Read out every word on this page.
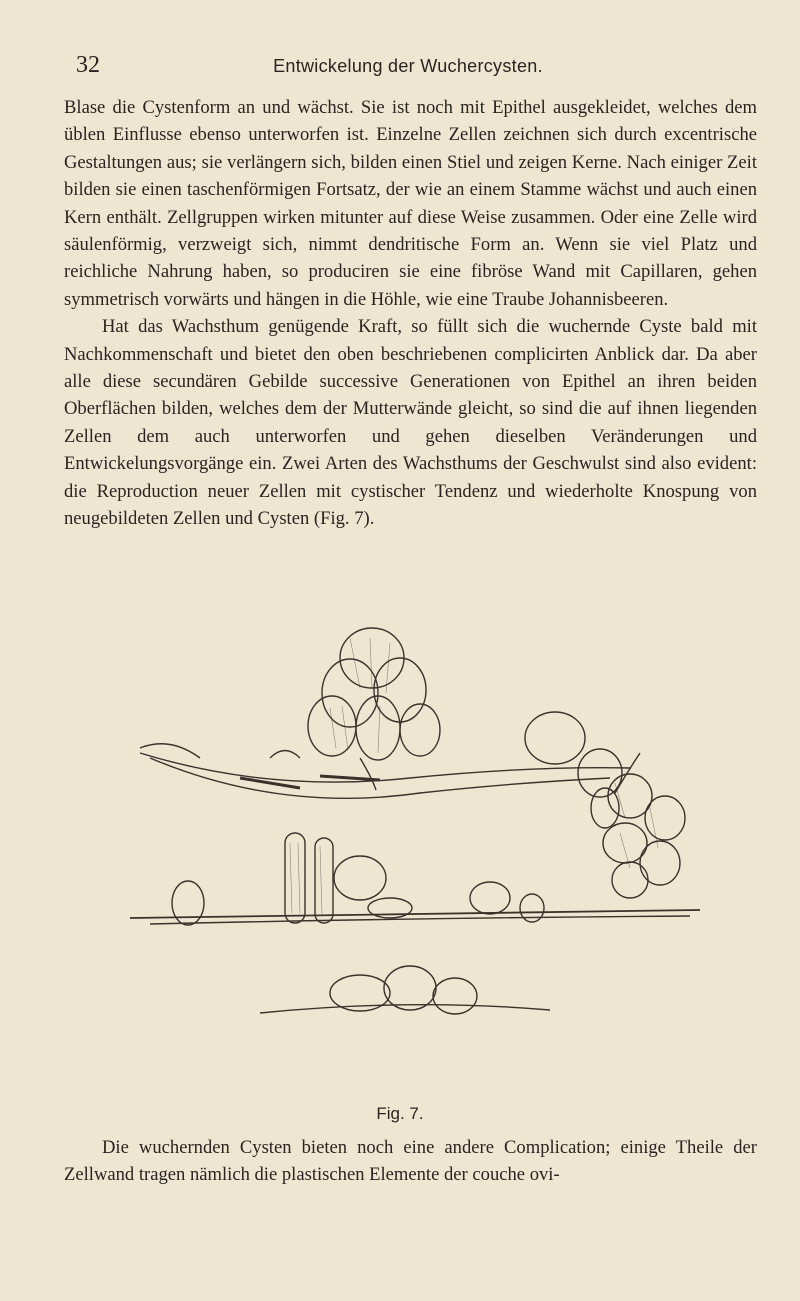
32	Entwickelung der Wuchercysten.

Blase die Cystenform an und wächst. Sie ist noch mit Epithel ausgekleidet, welches dem üblen Einflusse ebenso unterworfen ist. Einzelne Zellen zeichnen sich durch excentrische Gestaltungen aus; sie verlängern sich, bilden einen Stiel und zeigen Kerne. Nach einiger Zeit bilden sie einen taschenförmigen Fortsatz, der wie an einem Stamme wächst und auch einen Kern enthält. Zellgruppen wirken mitunter auf diese Weise zusammen. Oder eine Zelle wird säulenförmig, verzweigt sich, nimmt dendritische Form an. Wenn sie viel Platz und reichliche Nahrung haben, so produciren sie eine fibröse Wand mit Capillaren, gehen symmetrisch vorwärts und hängen in die Höhle, wie eine Traube Johannisbeeren.

Hat das Wachsthum genügende Kraft, so füllt sich die wuchernde Cyste bald mit Nachkommenschaft und bietet den oben beschriebenen complicirten Anblick dar. Da aber alle diese secundären Gebilde successive Generationen von Epithel an ihren beiden Oberflächen bilden, welches dem der Mutterwände gleicht, so sind die auf ihnen liegenden Zellen dem auch unterworfen und gehen dieselben Veränderungen und Entwickelungsvorgänge ein. Zwei Arten des Wachsthums der Geschwulst sind also evident: die Reproduction neuer Zellen mit cystischer Tendenz und wiederholte Knospung von neugebildeten Zellen und Cysten (Fig. 7).

Fig. 7.

Die wuchernden Cysten bieten noch eine andere Complication; einige Theile der Zellwand tragen nämlich die plastischen Elemente der couche ovi-
